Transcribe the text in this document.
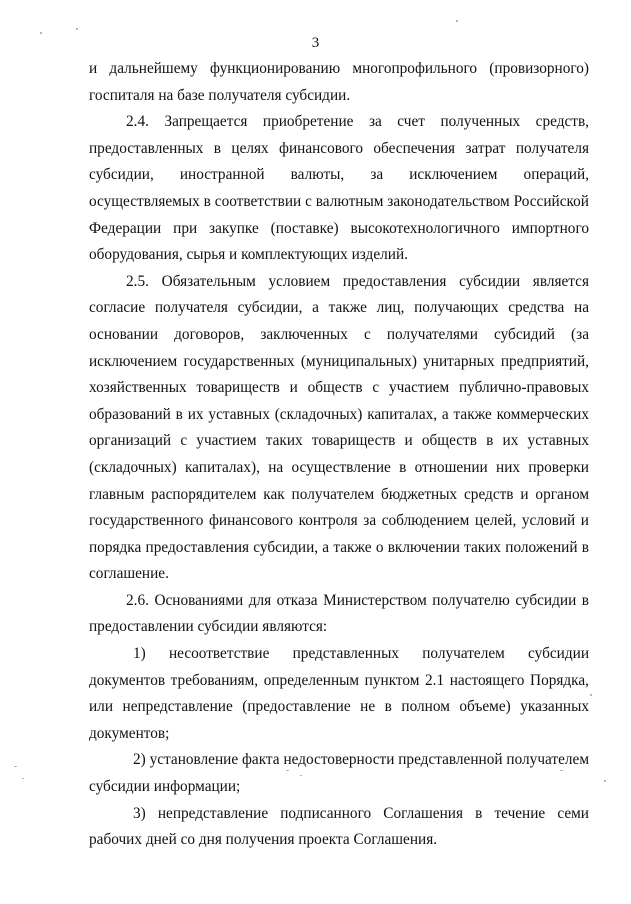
3

и дальнейшему функционированию многопрофильного (провизорного) госпиталя на базе получателя субсидии.

2.4. Запрещается приобретение за счет полученных средств, предоставленных в целях финансового обеспечения затрат получателя субсидии, иностранной валюты, за исключением операций, осуществляемых в соответствии с валютным законодательством Российской Федерации при закупке (поставке) высокотехнологичного импортного оборудования, сырья и комплектующих изделий.

2.5. Обязательным условием предоставления субсидии является согласие получателя субсидии, а также лиц, получающих средства на основании договоров, заключенных с получателями субсидий (за исключением государственных (муниципальных) унитарных предприятий, хозяйственных товариществ и обществ с участием публично-правовых образований в их уставных (складочных) капиталах, а также коммерческих организаций с участием таких товариществ и обществ в их уставных (складочных) капиталах), на осуществление в отношении них проверки главным распорядителем как получателем бюджетных средств и органом государственного финансового контроля за соблюдением целей, условий и порядка предоставления субсидии, а также о включении таких положений в соглашение.

2.6. Основаниями для отказа Министерством получателю субсидии в предоставлении субсидии являются:

1) несоответствие представленных получателем субсидии документов требованиям, определенным пунктом 2.1 настоящего Порядка, или непредставление (предоставление не в полном объеме) указанных документов;

2) установление факта недостоверности представленной получателем субсидии информации;

3) непредставление подписанного Соглашения в течение семи рабочих дней со дня получения проекта Соглашения.
